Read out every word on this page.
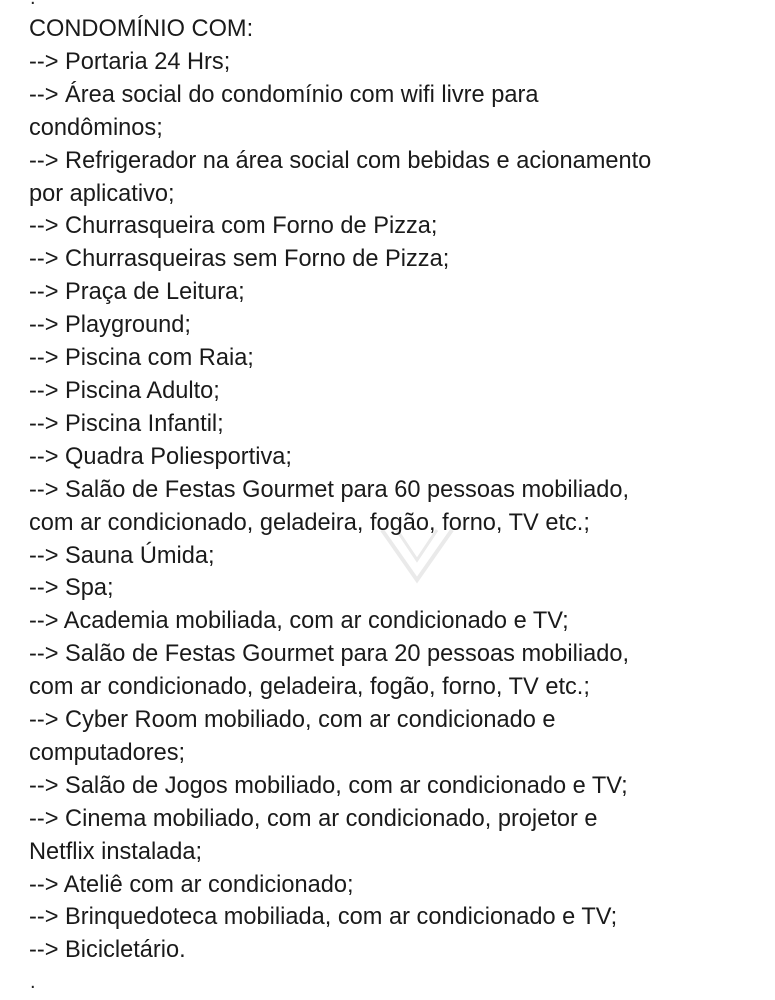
CONDOMÍNIO COM:
--> Portaria 24 Hrs;
--> Área social do condomínio com wifi livre para
condôminos;
--> Refrigerador na área social com bebidas e acionamento
por aplicativo;
--> Churrasqueira com Forno de Pizza;
--> Churrasqueiras sem Forno de Pizza;
--> Praça de Leitura;
--> Playground;
--> Piscina com Raia;
--> Piscina Adulto;
--> Piscina Infantil;
--> Quadra Poliesportiva;
--> Salão de Festas Gourmet para 60 pessoas mobiliado,
com ar condicionado, geladeira, fogão, forno, TV etc.;
--> Sauna Úmida;
--> Spa;
--> Academia mobiliada, com ar condicionado e TV;
--> Salão de Festas Gourmet para 20 pessoas mobiliado,
com ar condicionado, geladeira, fogão, forno, TV etc.;
--> Cyber Room mobiliado, com ar condicionado e
computadores;
--> Salão de Jogos mobiliado, com ar condicionado e TV;
--> Cinema mobiliado, com ar condicionado, projetor e
Netflix instalada;
--> Ateliê com ar condicionado;
--> Brinquedoteca mobiliada, com ar condicionado e TV;
--> Bicicletário.
.
